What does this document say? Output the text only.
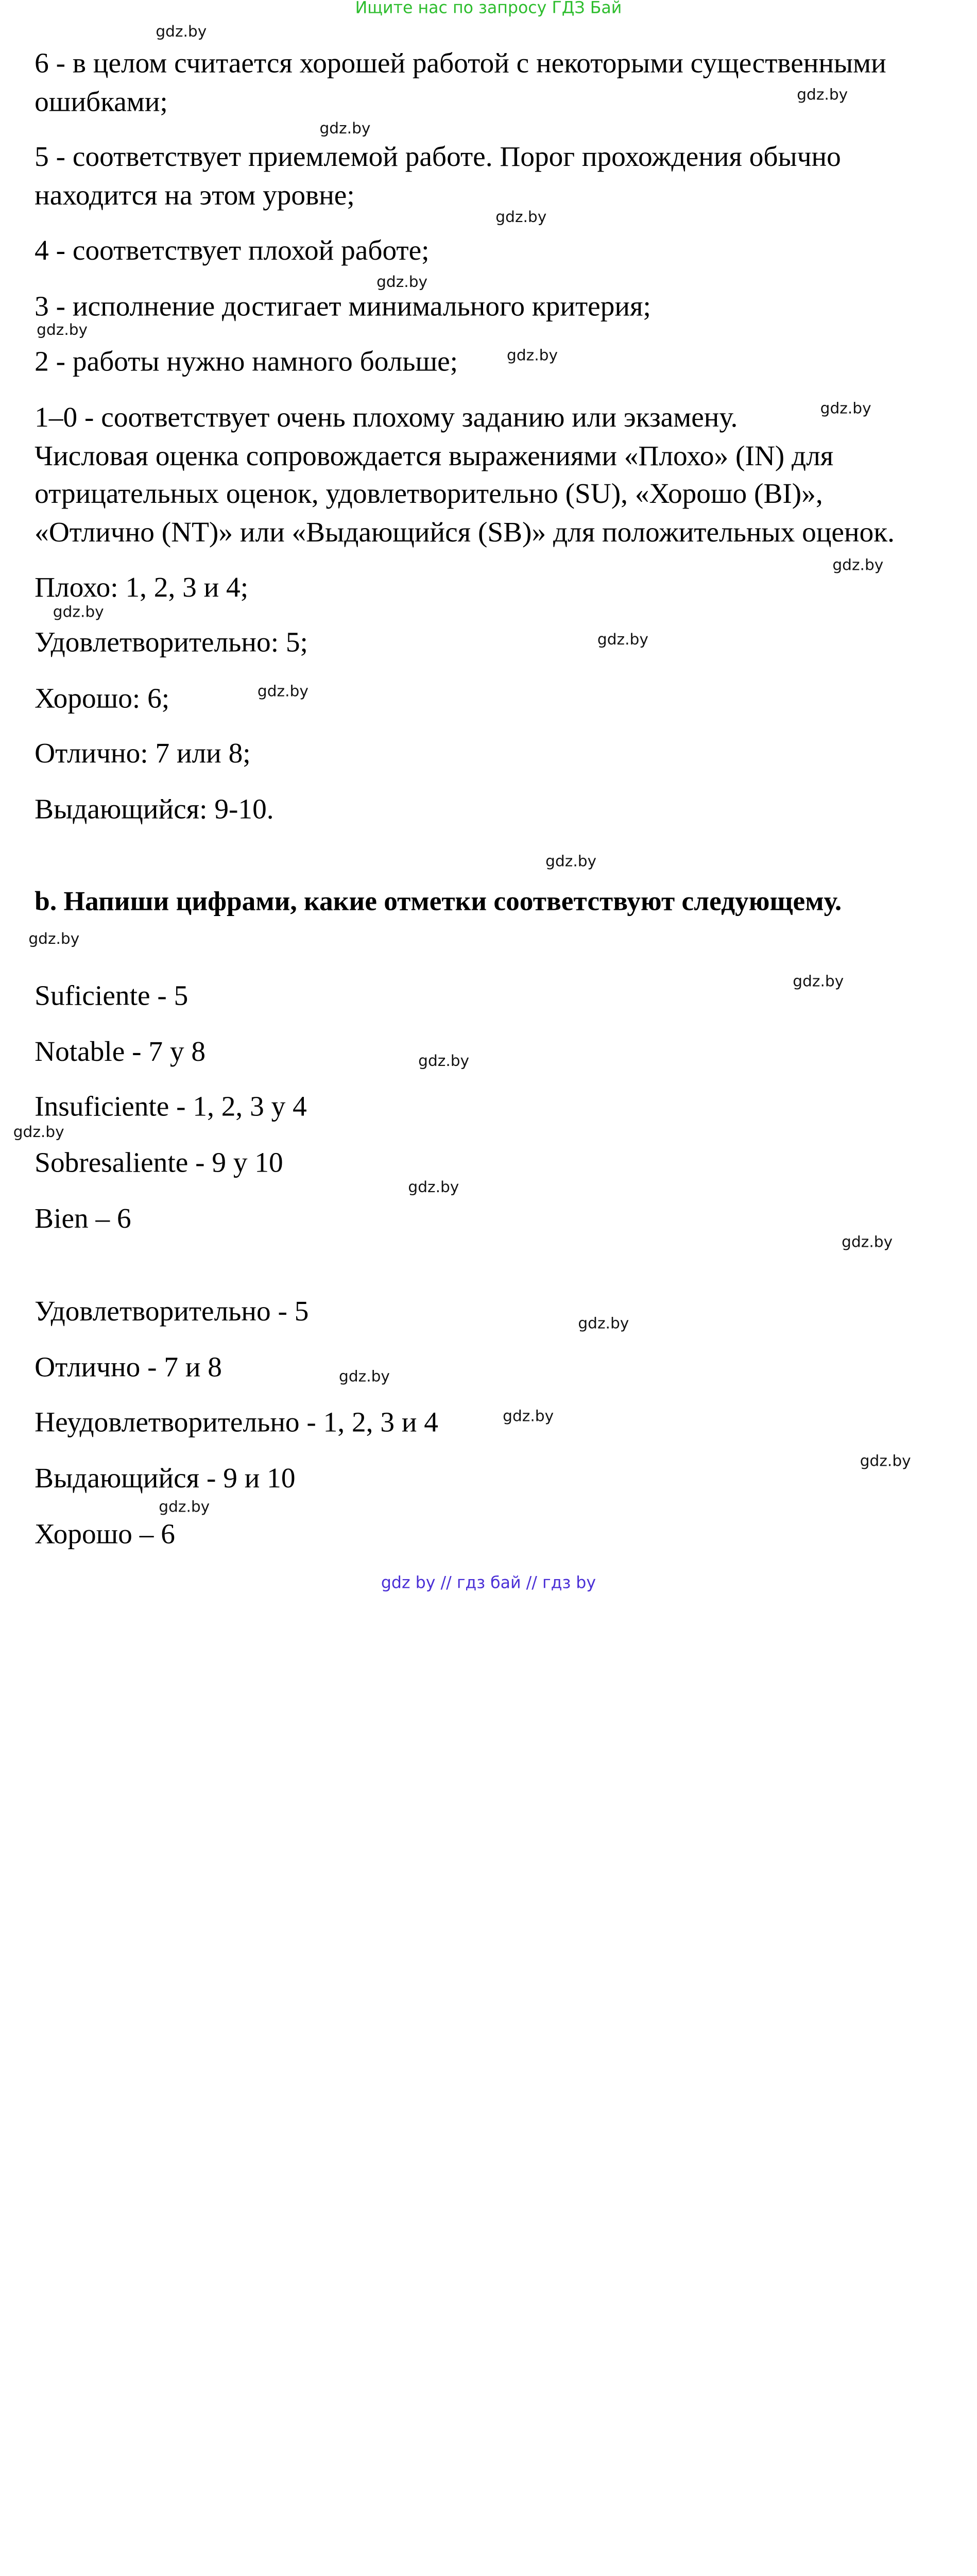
Ищите нас по запросу ГДЗ Бай
6 - в целом считается хорошей работой с некоторыми существенными
ошибками;
5 - соответствует приемлемой работе. Порог прохождения обычно
находится на этом уровне;
4 - соответствует плохой работе;
3 - исполнение достигает минимального критерия;
2 - работы нужно намного больше;
1–0 - соответствует очень плохому заданию или экзамену.
Числовая оценка сопровождается выражениями «Плохо» (IN) для
отрицательных оценок, удовлетворительно (SU), «Хорошо (BI)»,
«Отлично (NT)» или «Выдающийся (SB)» для положительных оценок.
Плохо: 1, 2, 3 и 4;
Удовлетворительно: 5;
Хорошо: 6;
Отлично: 7 или 8;
Выдающийся: 9-10.
b. Напиши цифрами, какие отметки соответствуют следующему.
Suficiente - 5
Notable - 7 y 8
Insuficiente - 1, 2, 3 y 4
Sobresaliente - 9 y 10
Bien – 6
Удовлетворительно - 5
Отлично - 7 и 8
Неудовлетворительно - 1, 2, 3 и 4
Выдающийся - 9 и 10
Хорошо – 6
gdz.by
gdz.by
gdz.by
gdz.by
gdz.by
gdz.by
gdz.by
gdz.by
gdz.by
gdz.by
gdz.by
gdz.by
gdz.by
gdz.by
gdz.by
gdz.by
gdz.by
gdz.by
gdz.by
gdz.by
gdz.by
gdz.by
gdz.by
gdz.by
gdz by // гдз бай // гдз by
